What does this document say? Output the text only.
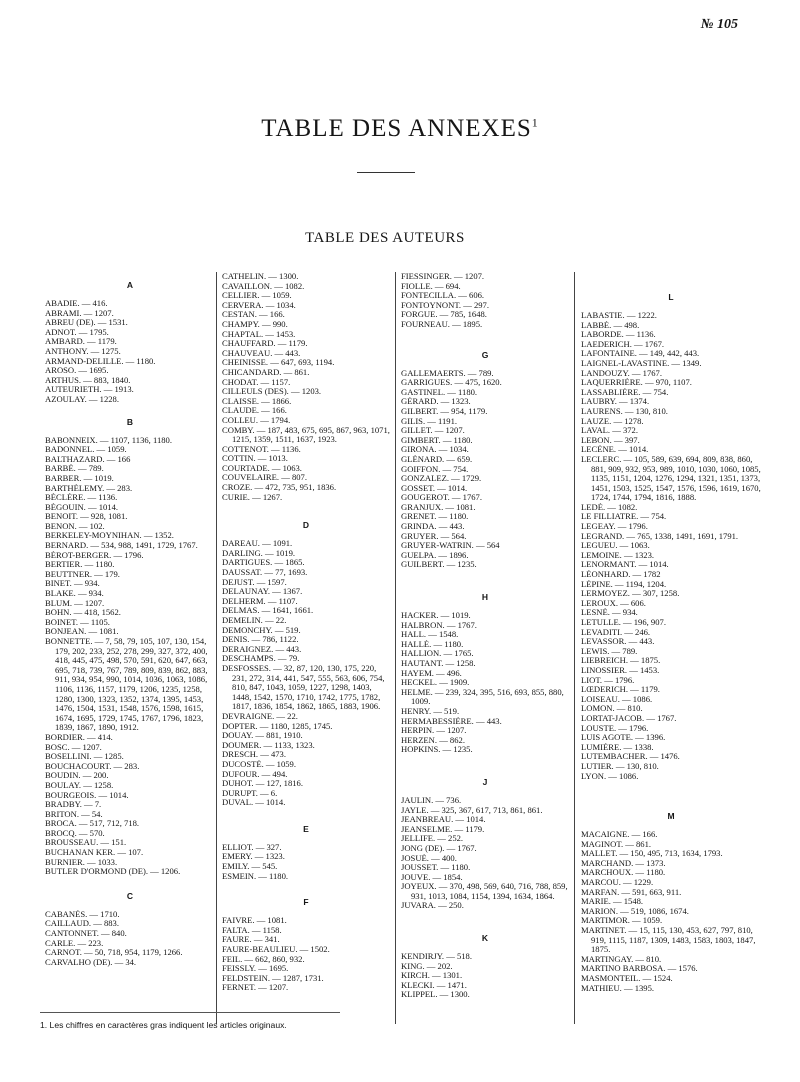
№ 105
TABLE DES ANNEXES$^1$
TABLE DES AUTEURS
A
ABADIE. — 416.
ABRAMI. — 1207.
ABREU (DE). — 1531.
ADNOT. — 1795.
AMBARD. — 1179.
ANTHONY. — 1275.
ARMAND-DELILLE. — 1180.
AROSO. — 1695.
ARTHUS. — 883, 1840.
AUTEURIETH. — 1913.
AZOULAY. — 1228.
B
BABONNEIX. — 1107, 1136, 1180.
BADONNEL. — 1059.
BALTHAZARD. — 166
BARBÉ. — 789.
BARBER. — 1019.
BARTHÉLEMY. — 283.
BÉCLÈRE. — 1136.
BÉGOUIN. — 1014.
BENOIT. — 928, 1081.
BENON. — 102.
BERKELEY-MOYNIHAN. — 1352.
BERNARD. — 534, 988, 1491, 1729, 1767.
BÉROT-BERGER. — 1796.
BERTIER. — 1180.
BEUTTNER. — 179.
BINET. — 934.
BLAKE. — 934.
BLUM. — 1207.
BOHN. — 418, 1562.
BOINET. — 1105.
BONJEAN. — 1081.
BONNETTE. — 7, 58, 79, 105, 107, 130, 154, 179, 202, 233, 252, 278, 299, 327, 372, 400, 418, 445, 475, 498, 570, 591, 620, 647, 663, 695, 718, 739, 767, 789, 809, 839, 862, 883, 911, 934, 954, 990, 1014, 1036, 1063, 1086, 1106, 1136, 1157, 1179, 1206, 1235, 1258, 1280, 1300, 1323, 1352, 1374, 1395, 1453, 1476, 1504, 1531, 1548, 1576, 1598, 1615, 1674, 1695, 1729, 1745, 1767, 1796, 1823, 1839, 1867, 1890, 1912.
BORDIER. — 414.
BOSC. — 1207.
BOSELLINI. — 1285.
BOUCHACOURT. — 283.
BOUDIN. — 200.
BOULAY. — 1258.
BOURGEOIS. — 1014.
BRADBY. — 7.
BRITON. — 54.
BROCA. — 517, 712, 718.
BROCQ. — 570.
BROUSSEAU. — 151.
BUCHANAN KER. — 107.
BURNIER. — 1033.
BUTLER D'ORMOND (DE). — 1206.
C
CABANÈS. — 1710.
CAILLAUD. — 883.
CANTONNET. — 840.
CARLE. — 223.
CARNOT. — 50, 718, 954, 1179, 1266.
CARVALHO (DE). — 34.
CATHELIN. — 1300.
CAVAILLON. — 1082.
CELLIER. — 1059.
CERVERA. — 1034.
CESTAN. — 166.
CHAMPY. — 990.
CHAPTAL. — 1453.
CHAUFFARD. — 1179.
CHAUVEAU. — 443.
CHEINISSE. — 647, 693, 1194.
CHICANDARD. — 861.
CHODAT. — 1157.
CILLEULS (DES). — 1203.
CLAISSE. — 1866.
CLAUDE. — 166.
COLLEU. — 1794.
COMBY. — 187, 483, 675, 695, 867, 963, 1071, 1215, 1359, 1511, 1637, 1923.
COTTENOT. — 1136.
COTTIN. — 1013.
COURTADE. — 1063.
COUVELAIRE. — 807.
CROZE. — 472, 735, 951, 1836.
CURIE. — 1267.
D
DAREAU. — 1091.
DARLING. — 1019.
DARTIGUES. — 1865.
DAUSSAT. — 77, 1693.
DEJUST. — 1597.
DELAUNAY. — 1367.
DELHERM. — 1107.
DELMAS. — 1641, 1661.
DEMELIN. — 22.
DEMONCHY. — 519.
DENIS. — 786, 1122.
DERAIGNEZ. — 443.
DESCHAMPS. — 79.
DESFOSSES. — 32, 87, 120, 130, 175, 220, 231, 272, 314, 441, 547, 555, 563, 606, 754, 810, 847, 1043, 1059, 1227, 1298, 1403, 1448, 1542, 1570, 1710, 1742, 1775, 1782, 1817, 1836, 1854, 1862, 1865, 1883, 1906.
DEVRAIGNE. — 22.
DOPTER. — 1180, 1285, 1745.
DOUAY. — 881, 1910.
DOUMER. — 1133, 1323.
DRESCH. — 473.
DUCOSTÉ. — 1059.
DUFOUR. — 494.
DUHOT. — 127, 1816.
DURUPT. — 6.
DUVAL. — 1014.
E
ELLIOT. — 327.
EMERY. — 1323.
EMILY. — 545.
ESMEIN. — 1180.
F
FAIVRE. — 1081.
FALTA. — 1158.
FAURE. — 341.
FAURE-BEAULIEU. — 1502.
FEIL. — 662, 860, 932.
FEISSLY. — 1695.
FELDSTEIN. — 1287, 1731.
FERNET. — 1207.
FIESSINGER. — 1207.
FIOLLE. — 694.
FONTECILLA. — 606.
FONTOYNONT. — 297.
FORGUE. — 785, 1648.
FOURNEAU. — 1895.
G
GALLEMAERTS. — 789.
GARRIGUES. — 475, 1620.
GASTINEL. — 1180.
GÉRARD. — 1323.
GILBERT. — 954, 1179.
GILIS. — 1191.
GILLET. — 1207.
GIMBERT. — 1180.
GIRONA. — 1034.
GLÉNARD. — 659.
GOIFFON. — 754.
GONZALEZ. — 1729.
GOSSET. — 1014.
GOUGEROT. — 1767.
GRANJUX. — 1081.
GRENET. — 1180.
GRINDA. — 443.
GRUYER. — 564.
GRUYER-WATRIN. — 564
GUELPA. — 1896.
GUILBERT. — 1235.
H
HACKER. — 1019.
HALBRON. — 1767.
HALL. — 1548.
HALLÉ. — 1180.
HALLION. — 1765.
HAUTANT. — 1258.
HAYEM. — 496.
HECKEL. — 1909.
HELME. — 239, 324, 395, 516, 693, 855, 880, 1009.
HENRY. — 519.
HERMABESSIÈRE. — 443.
HERPIN. — 1207.
HERZEN. — 862.
HOPKINS. — 1235.
J
JAULIN. — 736.
JAYLE. — 325, 367, 617, 713, 861, 861.
JEANBREAU. — 1014.
JEANSELME. — 1179.
JELLIFE. — 252.
JONG (DE). — 1767.
JOSUÉ. — 400.
JOUSSET. — 1180.
JOUVE. — 1854.
JOYEUX. — 370, 498, 569, 640, 716, 788, 859, 931, 1013, 1084, 1154, 1394, 1634, 1864.
JUVARA. — 250.
K
KENDIRJY. — 518.
KING. — 202.
KIRCH. — 1301.
KLECKI. — 1471.
KLIPPEL. — 1300.
L
LABASTIE. — 1222.
LABBÉ. — 498.
LABORDE. — 1136.
LAEDERICH. — 1767.
LAFONTAINE. — 149, 442, 443.
LAIGNEL-LAVASTINE. — 1349.
LANDOUZY. — 1767.
LAQUERRIÈRE. — 970, 1107.
LASSABLIÈRE. — 754.
LAUBRY. — 1374.
LAURENS. — 130, 810.
LAUZE. — 1278.
LAVAL. — 372.
LEBON. — 397.
LECÈNE. — 1014.
LECLERC. — 105, 589, 639, 694, 809, 838, 860, 881, 909, 932, 953, 989, 1010, 1030, 1060, 1085, 1135, 1151, 1204, 1276, 1294, 1321, 1351, 1373, 1451, 1503, 1525, 1547, 1576, 1596, 1619, 1670, 1724, 1744, 1794, 1816, 1888.
LEDÉ. — 1082.
LE FILLIATRE. — 754.
LEGEAY. — 1796.
LEGRAND. — 765, 1338, 1491, 1691, 1791.
LEGUEU. — 1063.
LEMOINE. — 1323.
LENORMANT. — 1014.
LÉONHARD. — 1782
LÉPINE. — 1194, 1204.
LERMOYEZ. — 307, 1258.
LEROUX. — 606.
LESNÉ. — 934.
LETULLE. — 196, 907.
LEVADITI. — 246.
LEVASSOR. — 443.
LEWIS. — 789.
LIEBREICH. — 1875.
LINOSSIER. — 1453.
LIOT. — 1796.
LŒDERICH. — 1179.
LOISEAU. — 1086.
LOMON. — 810.
LORTAT-JACOB. — 1767.
LOUSTE. — 1796.
LUIS AGOTE. — 1396.
LUMIÈRE. — 1338.
LUTEMBACHER. — 1476.
LUTIER. — 130, 810.
LYON. — 1086.
M
MACAIGNE. — 166.
MAGINOT. — 861.
MALLET. — 150, 495, 713, 1634, 1793.
MARCHAND. — 1373.
MARCHOUX. — 1180.
MARCOU. — 1229.
MARFAN. — 591, 663, 911.
MARIE. — 1548.
MARION. — 519, 1086, 1674.
MARTIMOR. — 1059.
MARTINET. — 15, 115, 130, 453, 627, 797, 810, 919, 1115, 1187, 1309, 1483, 1583, 1803, 1847, 1875.
MARTINGAY. — 810.
MARTINO BARBOSA. — 1576.
MASMONTEIL. — 1524.
MATHIEU. — 1395.
1. Les chiffres en caractères gras indiquent les articles originaux.
